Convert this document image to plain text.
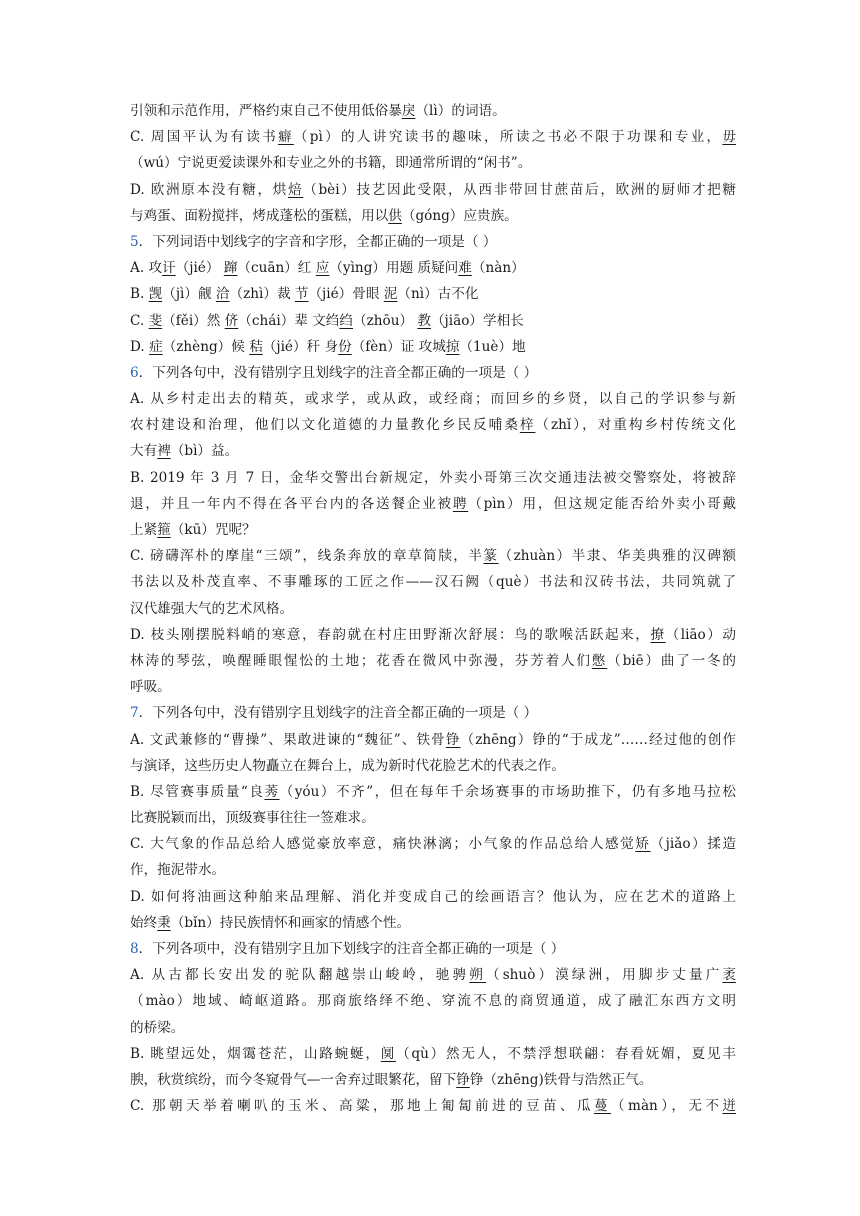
引领和示范作用，严格约束自己不使用低俗暴戾（lì）的词语。
C. 周国平认为有读书癖（pì）的人讲究读书的趣味，所读之书必不限于功课和专业，毋
（wú）宁说更爱读课外和专业之外的书籍，即通常所谓的“闲书”。
D. 欧洲原本没有糖，烘焙（bèi）技艺因此受限，从西非带回甘蔗苗后，欧洲的厨师才把糖
与鸡蛋、面粉搅拌，烤成蓬松的蛋糕，用以供（góng）应贵族。
5．下列词语中划线字的字音和字形，全都正确的一项是（ ）
A. 攻讦（jié） 蹿（cuān）红 应（yìng）用题 质疑问难（nàn）
B. 觊（jì）觎 洽（zhì）裁 节（jié）骨眼 泥（nì）古不化
C. 斐（fěi）然 侪（chái）辈 文绉绉（zhōu） 教（jiāo）学相长
D. 症（zhèng）候 秸（jié）秆 身份（fèn）证 攻城掠（1uè）地
6．下列各句中，没有错别字且划线字的注音全都正确的一项是（ ）
A. 从乡村走出去的精英，或求学，或从政，或经商；而回乡的乡贤，以自己的学识参与新
农村建设和治理，他们以文化道德的力量教化乡民反哺桑梓（zhǐ），对重构乡村传统文化
大有裨（bì）益。
B. 2019 年 3 月 7 日，金华交警出台新规定，外卖小哥第三次交通违法被交警察处，将被辞
退，并且一年内不得在各平台内的各送餐企业被聘（pìn）用，但这规定能否给外卖小哥戴
上紧箍（kū）咒呢？
C. 磅礴浑朴的摩崖“三颂”，线条奔放的章草简牍，半篆（zhuàn）半隶、华美典雅的汉碑额
书法以及朴茂直率、不事雕琢的工匠之作——汉石阙（què）书法和汉砖书法，共同筑就了
汉代雄强大气的艺术风格。
D. 枝头刚摆脱料峭的寒意，春韵就在村庄田野渐次舒展：鸟的歌喉活跃起来，撩（liāo）动
林涛的琴弦，唤醒睡眼惺忪的土地；花香在微风中弥漫，芬芳着人们憋（biē）曲了一冬的
呼吸。
7．下列各句中，没有错别字且划线字的注音全都正确的一项是（ ）
A. 文武兼修的“曹操”、果敢进谏的“魏征”、铁骨铮（zhēng）铮的“于成龙”……经过他的创作
与演译，这些历史人物矗立在舞台上，成为新时代花脸艺术的代表之作。
B. 尽管赛事质量“良莠（yóu）不齐”，但在每年千余场赛事的市场助推下，仍有多地马拉松
比赛脱颖而出，顶级赛事往往一签难求。
C. 大气象的作品总给人感觉豪放率意，痛快淋漓；小气象的作品总给人感觉矫（jiǎo）揉造
作，拖泥带水。
D. 如何将油画这种舶来品理解、消化并变成自己的绘画语言？他认为，应在艺术的道路上
始终秉（bǐn）持民族情怀和画家的情感个性。
8．下列各项中，没有错别字且加下划线字的注音全都正确的一项是（ ）
A. 从古都长安出发的驼队翻越崇山峻岭，驰骋朔（shuò）漠绿洲，用脚步丈量广袤
（mào）地域、崎岖道路。那商旅络绎不绝、穿流不息的商贸通道，成了融汇东西方文明
的桥梁。
B. 眺望远处，烟霭苍茫，山路蜿蜒，阒（qù）然无人，不禁浮想联翩：春看妩媚，夏见丰
腴，秋赏缤纷，而今冬窥骨气—一舍弃过眼繁花，留下铮铮（zhēng)铁骨与浩然正气。
C. 那朝天举着喇叭的玉米、高粱，那地上匍匐前进的豆苗、瓜蔓（màn），无不迸
